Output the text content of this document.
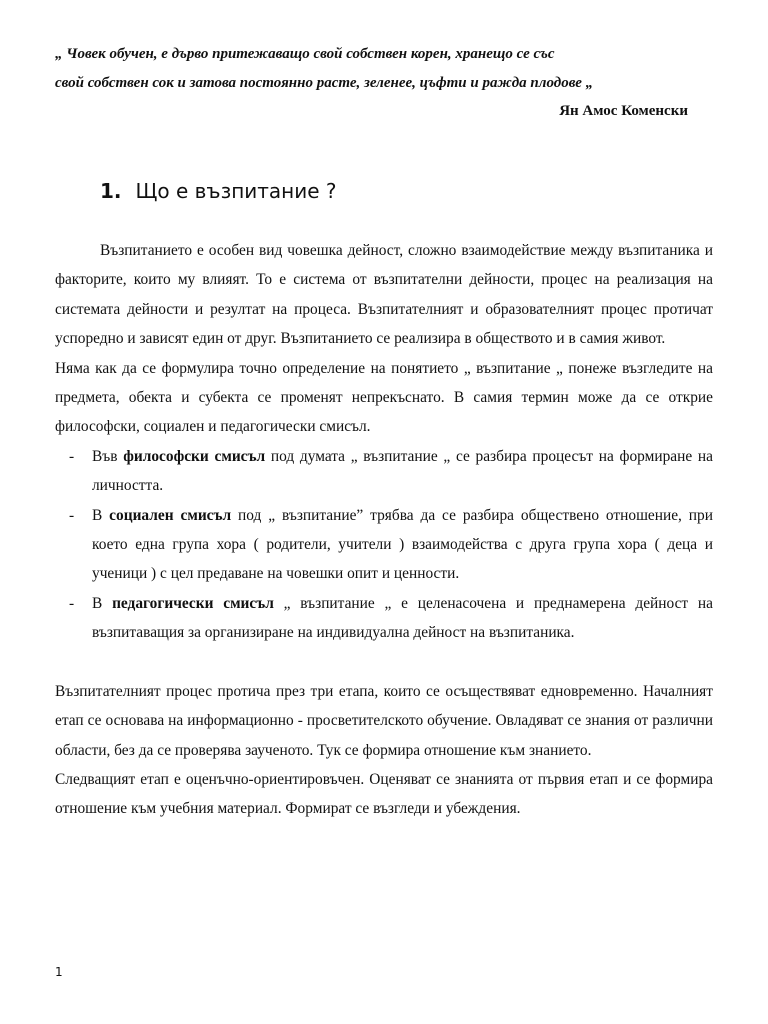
„ Човек обучен, е дърво притежаващо свой собствен корен, хранещо се със

свой собствен сок и затова постоянно расте, зеленее, цъфти и ражда плодове „

Ян Амос Коменски
1. Що е възпитание ?

Възпитанието е особен вид човешка дейност, сложно взаимодействие между възпитаника и факторите, които му влияят. То е система от възпитателни дейности, процес на реализация на системата дейности и резултат на процеса. Възпитателният и образователният процес протичат успоредно и зависят един от друг. Възпитанието се реализира в обществото и в самия живот.

Няма как да се формулира точно определение на понятието „ възпитание „ понеже възгледите на предмета, обекта и субекта се променят непрекъснато. В самия термин може да се открие философски, социален и педагогически смисъл.

- Във философски смисъл под думата „ възпитание „ се разбира процесът на формиране на личността.
- В социален смисъл под „ възпитание” трябва да се разбира обществено отношение, при което една група хора ( родители, учители ) взаимодейства с друга група хора ( деца и ученици ) с цел предаване на човешки опит и ценности.
- В педагогически смисъл „ възпитание „ е целенасочена и преднамерена дейност на възпитаващия за организиране на индивидуална дейност на възпитаника.

Възпитателният процес протича през три етапа, които се осъществяват едновременно. Началният етап се основава на информационно - просветителското обучение. Овладяват се знания от различни области, без да се проверява заученото. Тук се формира отношение към знанието.

Следващият етап е оценъчно-ориентировъчен. Оценяват се знанията от първия етап и се формира отношение към учебния материал. Формират се възгледи и убеждения.

1
